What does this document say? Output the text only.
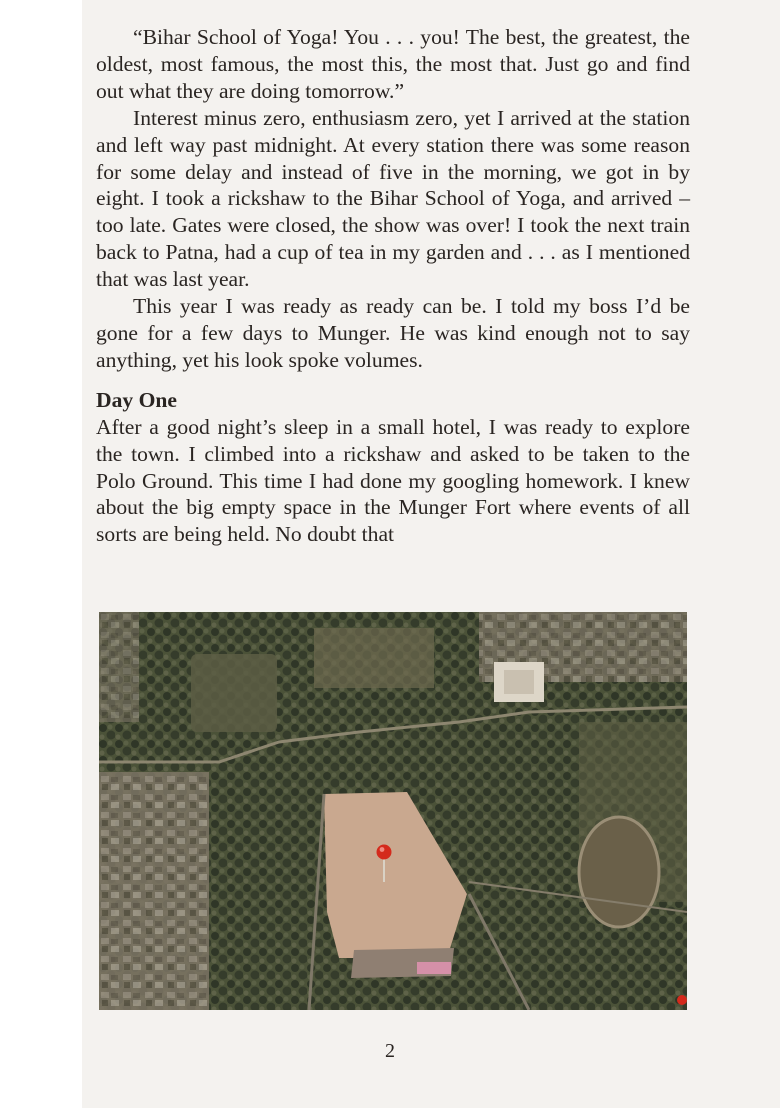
“Bihar School of Yoga! You . . . you! The best, the greatest, the oldest, most famous, the most this, the most that. Just go and find out what they are doing tomorrow.”

Interest minus zero, enthusiasm zero, yet I arrived at the station and left way past midnight. At every station there was some reason for some delay and instead of five in the morning, we got in by eight. I took a rickshaw to the Bihar School of Yoga, and arrived – too late. Gates were closed, the show was over! I took the next train back to Patna, had a cup of tea in my garden and . . . as I mentioned that was last year.

This year I was ready as ready can be. I told my boss I’d be gone for a few days to Munger. He was kind enough not to say anything, yet his look spoke volumes.

Day One

After a good night’s sleep in a small hotel, I was ready to explore the town. I climbed into a rickshaw and asked to be taken to the Polo Ground. This time I had done my googling homework. I knew about the big empty space in the Munger Fort where events of all sorts are being held. No doubt that

2
